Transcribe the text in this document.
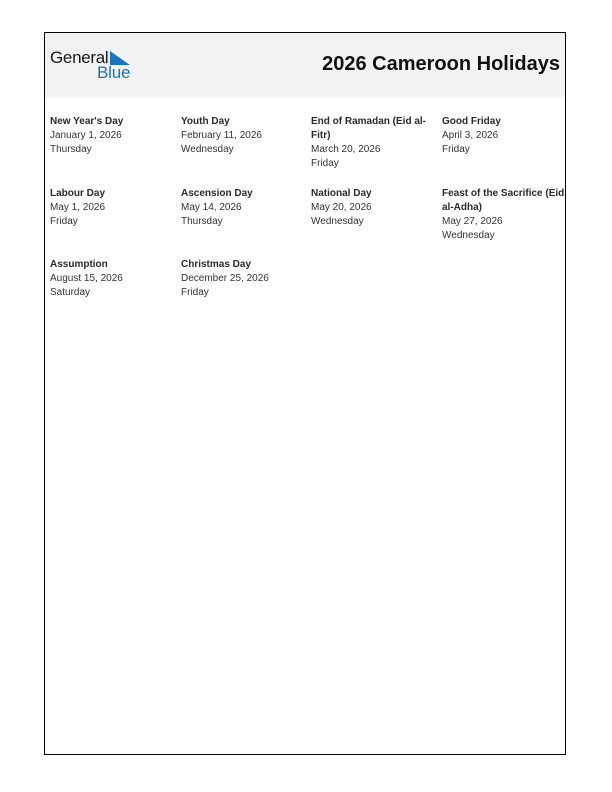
General
Blue	2026 Cameroon Holidays
New Year's Day
January 1, 2026
Thursday
Youth Day
February 11, 2026
Wednesday
End of Ramadan (Eid al-Fitr)
March 20, 2026
Friday
Good Friday
April 3, 2026
Friday
Labour Day
May 1, 2026
Friday
Ascension Day
May 14, 2026
Thursday
National Day
May 20, 2026
Wednesday
Feast of the Sacrifice (Eid al-Adha)
May 27, 2026
Wednesday
Assumption
August 15, 2026
Saturday
Christmas Day
December 25, 2026
Friday
